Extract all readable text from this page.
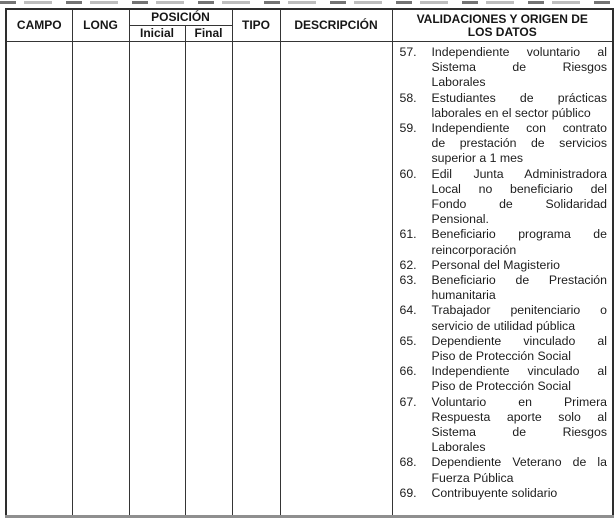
CAMPO	LONG	POSICIÓN		TIPO	DESCRIPCIÓN	VALIDACIONES Y ORIGEN DE
LOS DATOS

		Inicial	Final			

57. Independiente voluntario al
Sistema de Riesgos
Laborales
58. Estudiantes de prácticas
laborales en el sector público
59. Independiente con contrato
de prestación de servicios
superior a 1 mes
60. Edil Junta Administradora
Local no beneficiario del
Fondo de Solidaridad
Pensional.
61. Beneficiario programa de
reincorporación
62. Personal del Magisterio
63. Beneficiario de Prestación
humanitaria
64. Trabajador penitenciario o
servicio de utilidad pública
65. Dependiente vinculado al
Piso de Protección Social
66. Independiente vinculado al
Piso de Protección Social
67. Voluntario en Primera
Respuesta aporte solo al
Sistema de Riesgos
Laborales
68. Dependiente Veterano de la
Fuerza Pública
69. Contribuyente solidario
